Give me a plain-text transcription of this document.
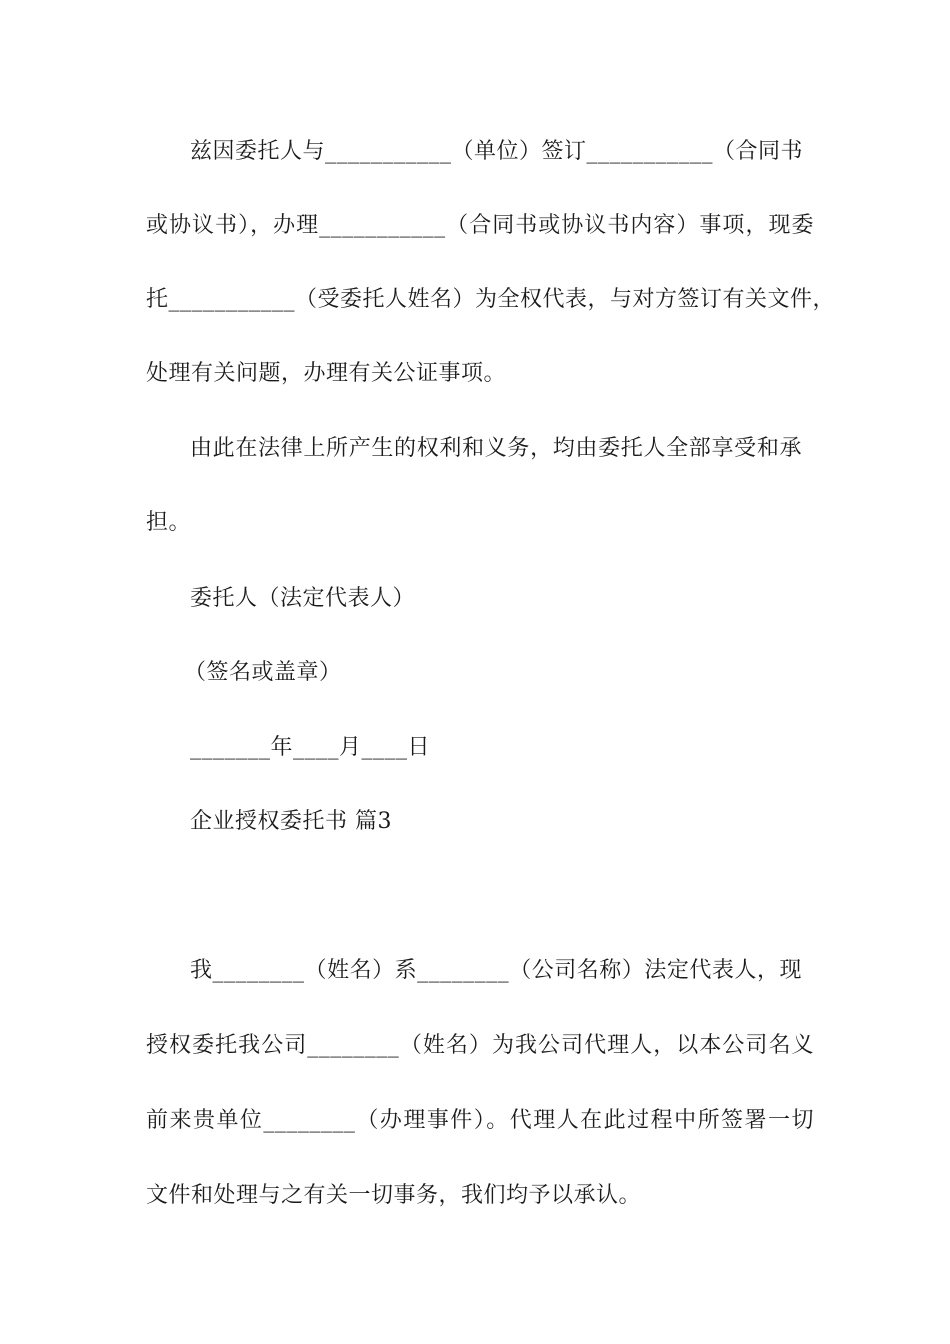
兹因委托人与___________（单位）签订___________（合同书
或协议书），办理___________（合同书或协议书内容）事项，现委
托___________（受委托人姓名）为全权代表，与对方签订有关文件，
处理有关问题，办理有关公证事项。
由此在法律上所产生的权利和义务，均由委托人全部享受和承
担。
委托人（法定代表人）
（签名或盖章）
_______年____月____日
企业授权委托书 篇3
我________（姓名）系________（公司名称）法定代表人，现
授权委托我公司________（姓名）为我公司代理人，以本公司名义
前来贵单位________（办理事件）。代理人在此过程中所签署一切
文件和处理与之有关一切事务，我们均予以承认。
